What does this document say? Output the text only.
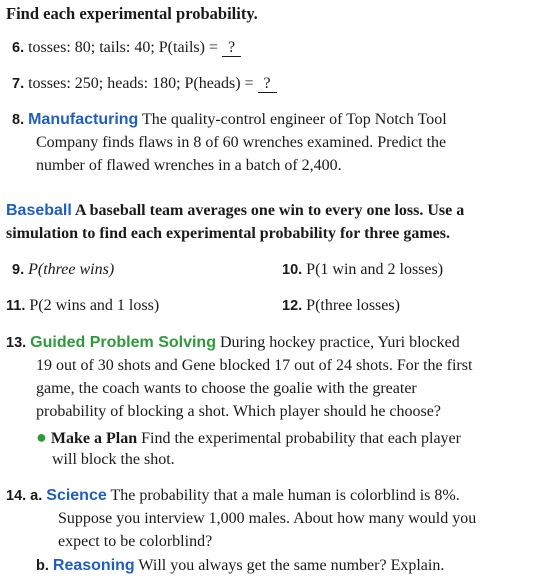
Find each experimental probability.
6. tosses: 80; tails: 40; P(tails) = ?
7. tosses: 250; heads: 180; P(heads) = ?
8. Manufacturing The quality-control engineer of Top Notch Tool
Company finds flaws in 8 of 60 wrenches examined. Predict the
number of flawed wrenches in a batch of 2,400.
Baseball A baseball team averages one win to every one loss. Use a
simulation to find each experimental probability for three games.
9. P(three wins)	10. P(1 win and 2 losses)
11. P(2 wins and 1 loss)	12. P(three losses)
13. Guided Problem Solving During hockey practice, Yuri blocked
19 out of 30 shots and Gene blocked 17 out of 24 shots. For the first
game, the coach wants to choose the goalie with the greater
probability of blocking a shot. Which player should he choose?
● Make a Plan Find the experimental probability that each player
will block the shot.
14. a. Science The probability that a male human is colorblind is 8%.
Suppose you interview 1,000 males. About how many would you
expect to be colorblind?
b. Reasoning Will you always get the same number? Explain.
